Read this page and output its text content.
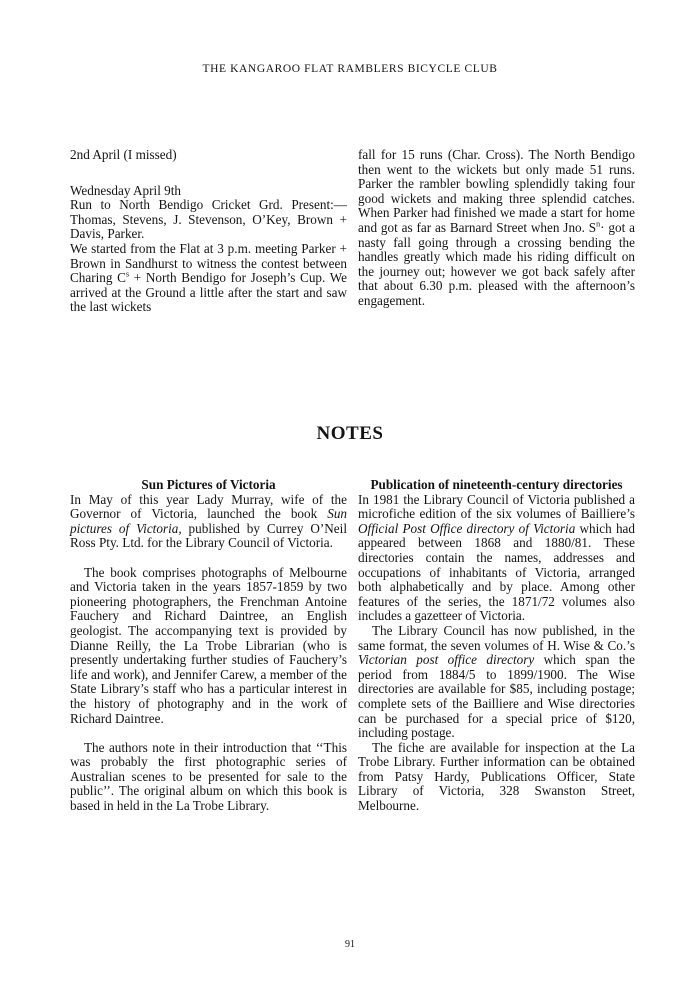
THE KANGAROO FLAT RAMBLERS BICYCLE CLUB

2nd April (I missed)

Wednesday April 9th

Run to North Bendigo Cricket Grd. Present:— Thomas, Stevens, J. Stevenson, O’Key, Brown + Davis, Parker.

We started from the Flat at 3 p.m. meeting Parker + Brown in Sandhurst to witness the contest between Charing $C^s$ + North Bendigo for Joseph’s Cup. We arrived at the Ground a little after the start and saw the last wickets

fall for 15 runs (Char. Cross). The North Bendigo then went to the wickets but only made 51 runs. Parker the rambler bowling splendidly taking four good wickets and making three splendid catches. When Parker had finished we made a start for home and got as far as Barnard Street when Jno. $S^n\cdot$ got a nasty fall going through a crossing bending the handles greatly which made his riding difficult on the journey out; however we got back safely after that about 6.30 p.m. pleased with the afternoon’s engagement.

NOTES

Sun Pictures of Victoria

In May of this year Lady Murray, wife of the Governor of Victoria, launched the book Sun pictures of Victoria, published by Currey O’Neil Ross Pty. Ltd. for the Library Council of Victoria.

The book comprises photographs of Melbourne and Victoria taken in the years 1857-1859 by two pioneering photographers, the Frenchman Antoine Fauchery and Richard Daintree, an English geologist. The accompanying text is provided by Dianne Reilly, the La Trobe Librarian (who is presently undertaking further studies of Fauchery’s life and work), and Jennifer Carew, a member of the State Library’s staff who has a particular interest in the history of photography and in the work of Richard Daintree.

The authors note in their introduction that ‘‘This was probably the first photographic series of Australian scenes to be presented for sale to the public’’. The original album on which this book is based in held in the La Trobe Library.

Publication of nineteenth-century directories

In 1981 the Library Council of Victoria published a microfiche edition of the six volumes of Bailliere’s Official Post Office directory of Victoria which had appeared between 1868 and 1880/81. These directories contain the names, addresses and occupations of inhabitants of Victoria, arranged both alphabetically and by place. Among other features of the series, the 1871/72 volumes also includes a gazetteer of Victoria.

The Library Council has now published, in the same format, the seven volumes of H. Wise & Co.’s Victorian post office directory which span the period from 1884/5 to 1899/1900. The Wise directories are available for $85, including postage; complete sets of the Bailliere and Wise directories can be purchased for a special price of $120, including postage.

The fiche are available for inspection at the La Trobe Library. Further information can be obtained from Patsy Hardy, Publications Officer, State Library of Victoria, 328 Swanston Street, Melbourne.

91
